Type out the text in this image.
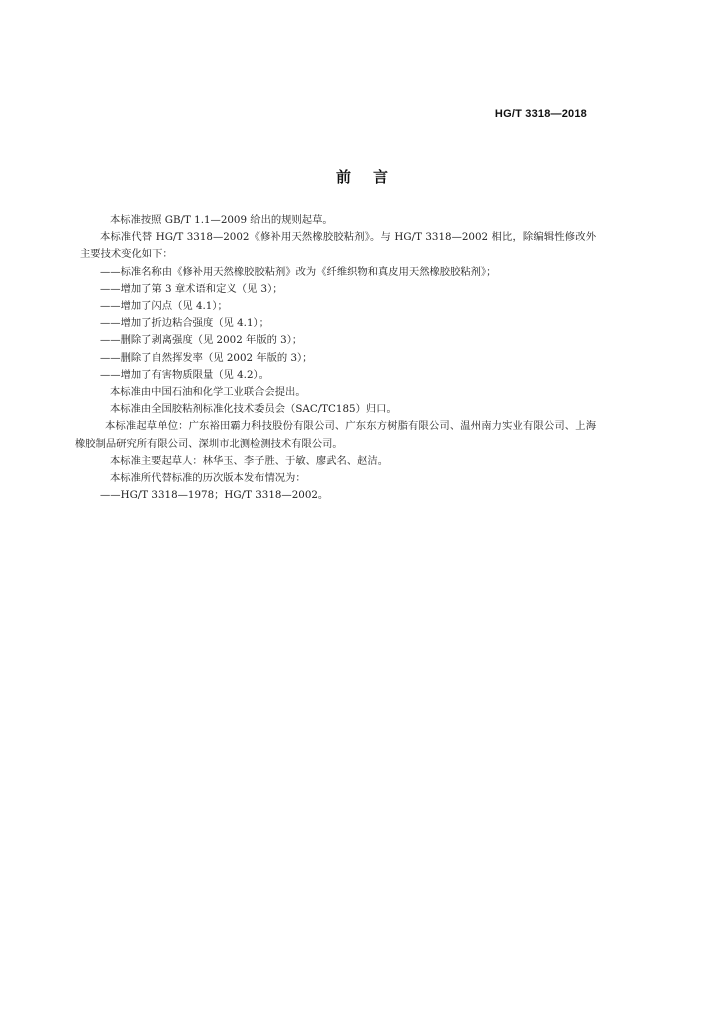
HG/T 3318—2018
前言

本标准按照 GB/T 1.1—2009 给出的规则起草。

本标准代替 HG/T 3318—2002《修补用天然橡胶胶粘剂》。与 HG/T 3318—2002 相比，除编辑性修改外主要技术变化如下：

——标准名称由《修补用天然橡胶胶粘剂》改为《纤维织物和真皮用天然橡胶胶粘剂》；

——增加了第 3 章术语和定义（见 3）；

——增加了闪点（见 4.1）；

——增加了折边粘合强度（见 4.1）；

——删除了剥离强度（见 2002 年版的 3）；

——删除了自然挥发率（见 2002 年版的 3）；

——增加了有害物质限量（见 4.2）。

本标准由中国石油和化学工业联合会提出。

本标准由全国胶粘剂标准化技术委员会（SAC/TC185）归口。

本标准起草单位：广东裕田霸力科技股份有限公司、广东东方树脂有限公司、温州南力实业有限公司、上海橡胶制品研究所有限公司、深圳市北测检测技术有限公司。

本标准主要起草人：林华玉、李子胜、于敏、廖武名、赵洁。

本标准所代替标准的历次版本发布情况为：

——HG/T 3318—1978；HG/T 3318—2002。
